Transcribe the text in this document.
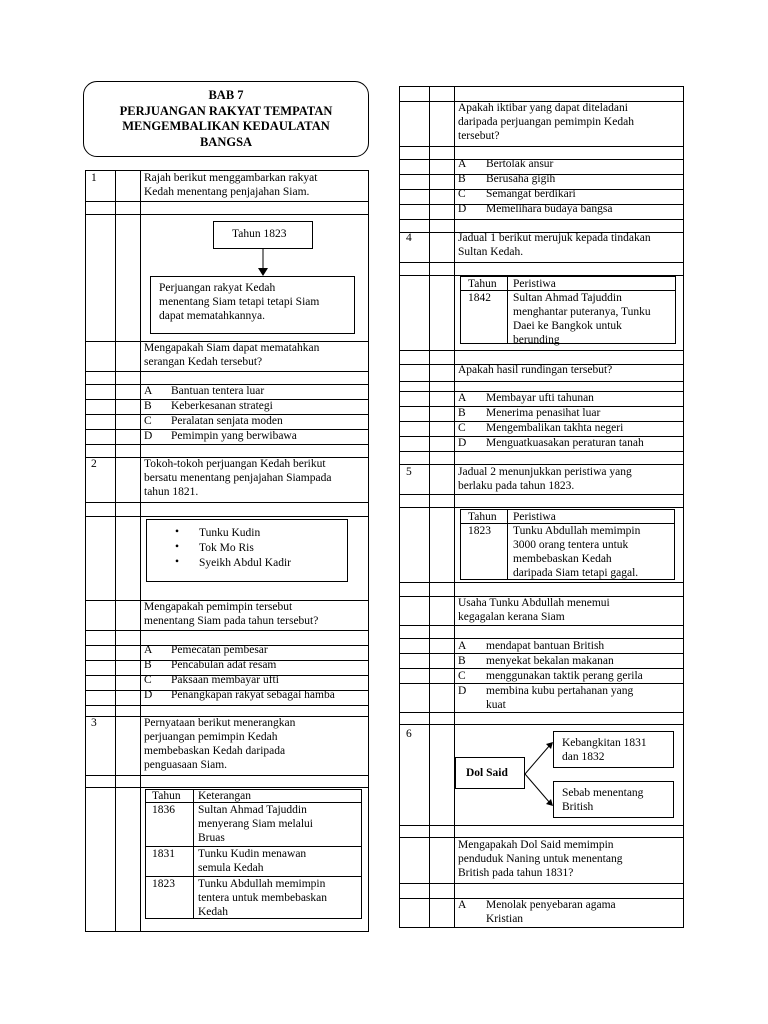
BAB 7
PERJUANGAN RAKYAT TEMPATAN
MENGEMBALIKAN KEDAULATAN
BANGSA
1	Rajah berikut menggambarkan rakyat
Kedah menentang penjajahan Siam.
Tahun 1823
Perjuangan rakyat Kedah
menentang Siam tetapi tetapi Siam
dapat mematahkannya.
Mengapakah Siam dapat mematahkan
serangan Kedah tersebut?
A Bantuan tentera luar
B Keberkesanan strategi
C Peralatan senjata moden
D Pemimpin yang berwibawa
2	Tokoh-tokoh perjuangan Kedah berikut
bersatu menentang penjajahan Siampada
tahun 1821.
• Tunku Kudin
• Tok Mo Ris
• Syeikh Abdul Kadir
Mengapakah pemimpin tersebut
menentang Siam pada tahun tersebut?
A Pemecatan pembesar
B Pencabulan adat resam
C Paksaan membayar ufti
D Penangkapan rakyat sebagai hamba
3	Pernyataan berikut menerangkan
perjuangan pemimpin Kedah
membebaskan Kedah daripada
penguasaan Siam.
Tahun Keterangan
1836 Sultan Ahmad Tajuddin
menyerang Siam melalui
Bruas
1831 Tunku Kudin menawan
semula Kedah
1823 Tunku Abdullah memimpin
tentera untuk membebaskan
Kedah
Apakah iktibar yang dapat diteladani
daripada perjuangan pemimpin Kedah
tersebut?
A Bertolak ansur
B Berusaha gigih
C Semangat berdikari
D Memelihara budaya bangsa
4	Jadual 1 berikut merujuk kepada tindakan
Sultan Kedah.
Tahun Peristiwa
1842 Sultan Ahmad Tajuddin
menghantar puteranya, Tunku
Daei ke Bangkok untuk
berunding
Apakah hasil rundingan tersebut?
A Membayar ufti tahunan
B Menerima penasihat luar
C Mengembalikan takhta negeri
D Menguatkuasakan peraturan tanah
5	Jadual 2 menunjukkan peristiwa yang
berlaku pada tahun 1823.
Tahun Peristiwa
1823 Tunku Abdullah memimpin
3000 orang tentera untuk
membebaskan Kedah
daripada Siam tetapi gagal.
Usaha Tunku Abdullah menemui
kegagalan kerana Siam
A mendapat bantuan British
B menyekat bekalan makanan
C menggunakan taktik perang gerila
D membina kubu pertahanan yang
kuat
6
Dol Said
Kebangkitan 1831
dan 1832
Sebab menentang
British
Mengapakah Dol Said memimpin
penduduk Naning untuk menentang
British pada tahun 1831?
A Menolak penyebaran agama
Kristian
